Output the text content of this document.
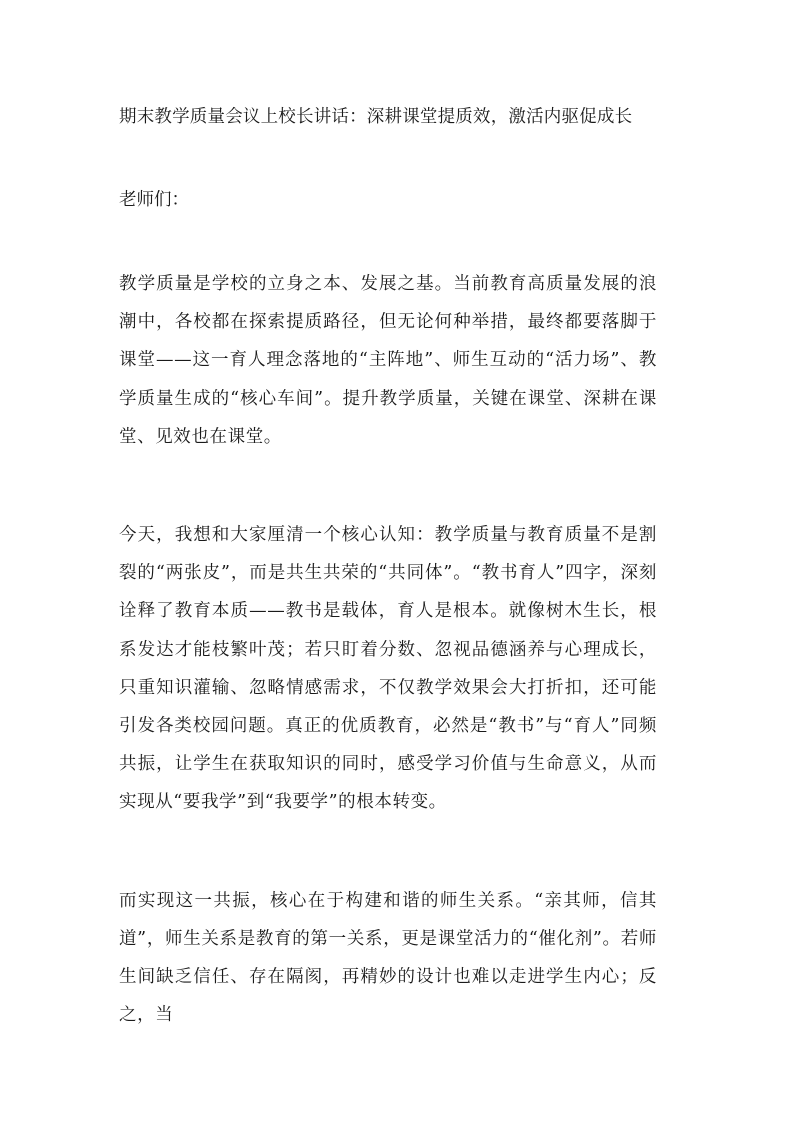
期末教学质量会议上校长讲话：深耕课堂提质效，激活内驱促成长

老师们：

教学质量是学校的立身之本、发展之基。当前教育高质量发展的浪潮中，各校都在探索提质路径，但无论何种举措，最终都要落脚于课堂——这一育人理念落地的“主阵地”、师生互动的“活力场”、教学质量生成的“核心车间”。提升教学质量，关键在课堂、深耕在课堂、见效也在课堂。

今天，我想和大家厘清一个核心认知：教学质量与教育质量不是割裂的“两张皮”，而是共生共荣的“共同体”。“教书育人”四字，深刻诠释了教育本质——教书是载体，育人是根本。就像树木生长，根系发达才能枝繁叶茂；若只盯着分数、忽视品德涵养与心理成长，只重知识灌输、忽略情感需求，不仅教学效果会大打折扣，还可能引发各类校园问题。真正的优质教育，必然是“教书”与“育人”同频共振，让学生在获取知识的同时，感受学习价值与生命意义，从而实现从“要我学”到“我要学”的根本转变。

而实现这一共振，核心在于构建和谐的师生关系。“亲其师，信其道”，师生关系是教育的第一关系，更是课堂活力的“催化剂”。若师生间缺乏信任、存在隔阂，再精妙的设计也难以走进学生内心；反之，当
